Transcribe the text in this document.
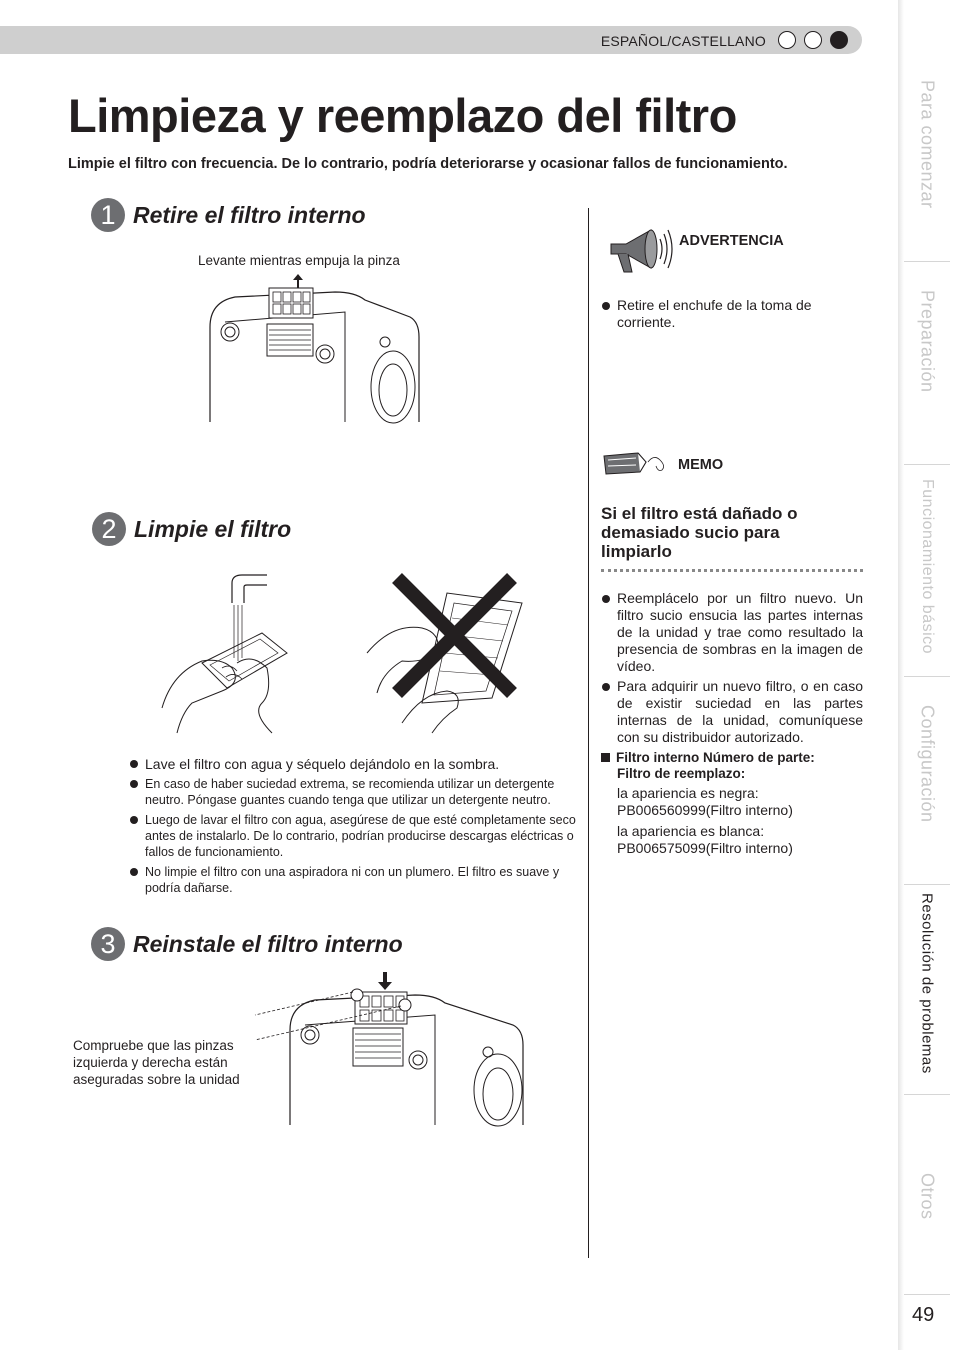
ESPAÑOL/CASTELLANO
Limpieza y reemplazo del filtro

Limpie el filtro con frecuencia. De lo contrario, podría deteriorarse y ocasionar fallos de funcionamiento.

1 Retire el filtro interno
Levante mientras empuja la pinza
2 Limpie el filtro
Lave el filtro con agua y séquelo dejándolo en la sombra.
En caso de haber suciedad extrema, se recomienda utilizar un detergente neutro. Póngase guantes cuando tenga que utilizar un detergente neutro.
Luego de lavar el filtro con agua, asegúrese de que esté completamente seco antes de instalarlo. De lo contrario, podrían producirse descargas eléctricas o fallos de funcionamiento.
No limpie el filtro con una aspiradora ni con un plumero. El filtro es suave y podría dañarse.
3 Reinstale el filtro interno
Compruebe que las pinzas
izquierda y derecha están
aseguradas sobre la unidad
ADVERTENCIA
Retire el enchufe de la toma de
corriente.
MEMO
Si el filtro está dañado o demasiado sucio para limpiarlo
Reemplácelo por un filtro nuevo. Un filtro sucio ensucia las partes internas de la unidad y trae como resultado la presencia de sombras en la imagen de vídeo.
Para adquirir un nuevo filtro, o en caso de existir suciedad en las partes internas de la unidad, comuníquese con su distribuidor autorizado.
Filtro interno Número de parte:
Filtro de reemplazo:
la apariencia es negra:
PB006560999(Filtro interno)
la apariencia es blanca:
PB006575099(Filtro interno)
Para comenzar
Preparación
Funcionamiento básico
Configuración
Resolución de problemas
Otros
49
